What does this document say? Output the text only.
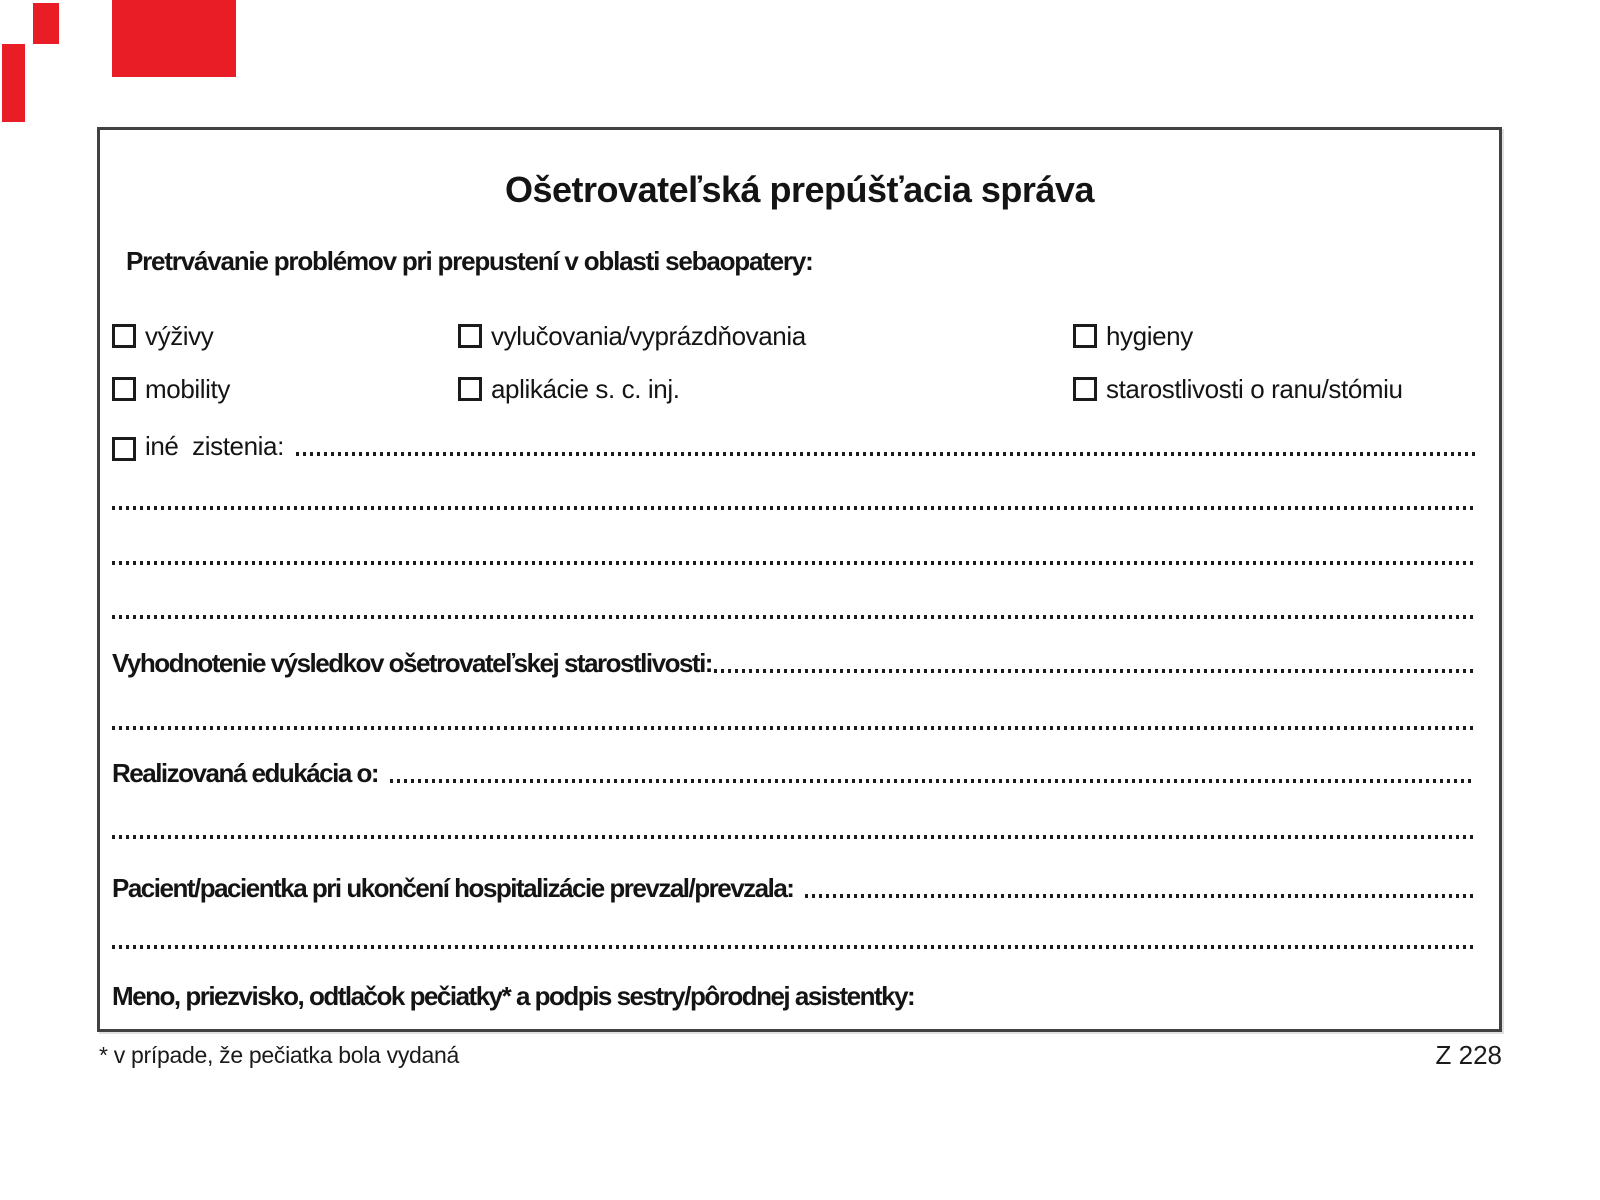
Ošetrovateľská prepúšťacia správa
Pretrvávanie problémov pri prepustení v oblasti sebaopatery:
výživy	vylučovania/vyprázdňovania	hygieny
mobility	aplikácie s. c. inj.	starostlivosti o ranu/stómiu
iné  zistenia:
Vyhodnotenie výsledkov ošetrovateľskej starostlivosti:
Realizovaná edukácia o:
Pacient/pacientka pri ukončení hospitalizácie prevzal/prevzala:
Meno, priezvisko, odtlačok pečiatky* a podpis sestry/pôrodnej asistentky:
* v prípade, že pečiatka bola vydaná	Z 228
